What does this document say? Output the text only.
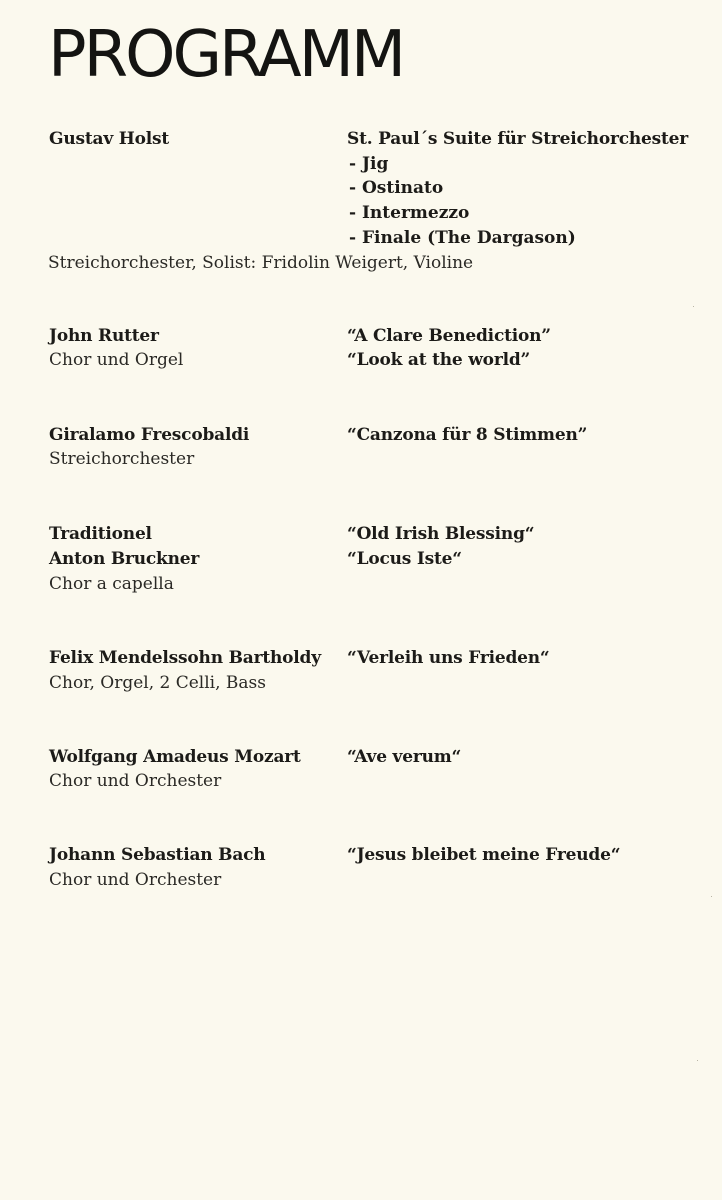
PROGRAMM
Gustav Holst	St. Paul´s Suite für Streichorchester
- Jig
- Ostinato
- Intermezzo
- Finale (The Dargason)
Streichorchester, Solist: Fridolin Weigert, Violine
John Rutter
Chor und Orgel
“A Clare Benediction”
“Look at the world”
Giralamo Frescobaldi
Streichorchester
“Canzona für 8 Stimmen”
Traditionel
Anton Bruckner
Chor a capella
“Old Irish Blessing“
“Locus Iste“
Felix Mendelssohn Bartholdy
Chor, Orgel, 2 Celli, Bass
“Verleih uns Frieden“
Wolfgang Amadeus Mozart
Chor und Orchester
“Ave verum“
Johann Sebastian Bach
Chor und Orchester
“Jesus bleibet meine Freude“
